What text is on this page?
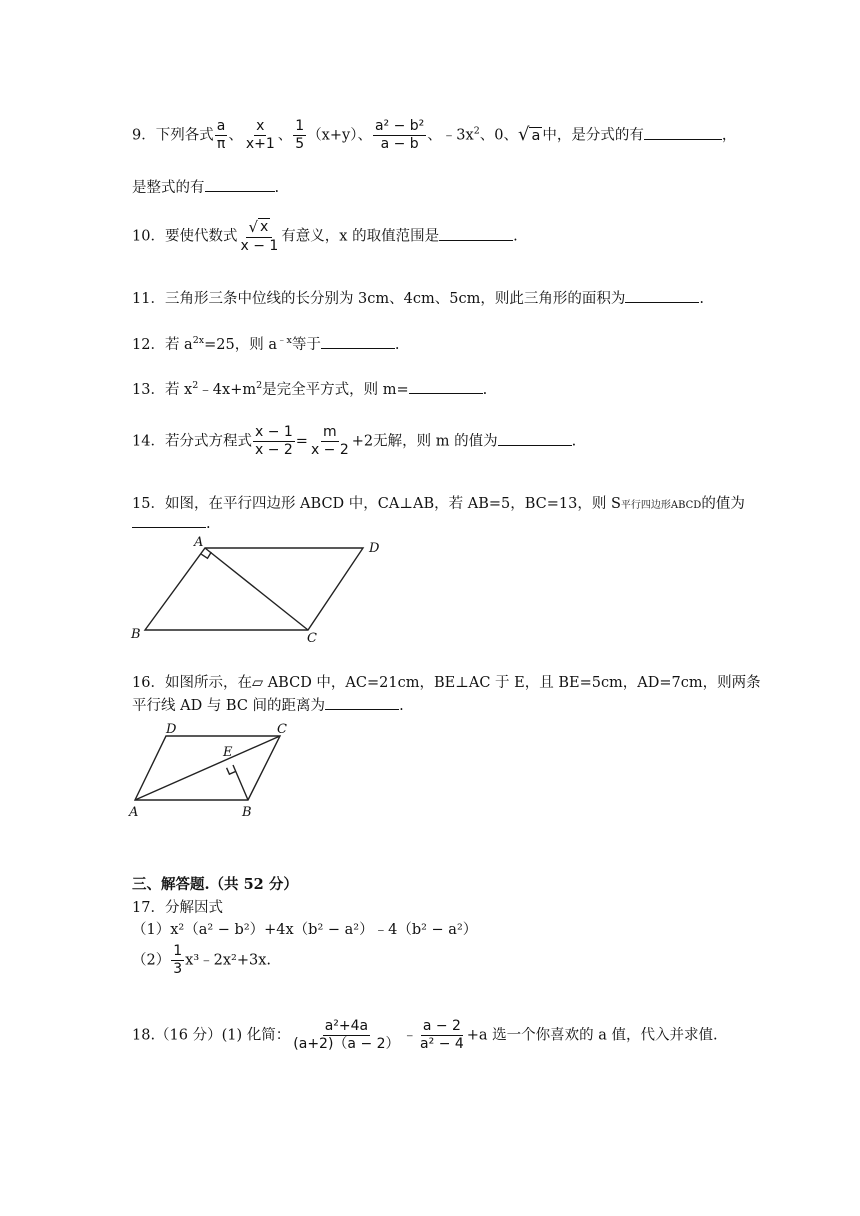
9．下列各式 $\frac{a}{\pi}$ 、 $\frac{x}{x+1}$ 、 $\frac{1}{5} (x+y)$、 $\frac{\text{a² − b²}}{a - b}$ 、$﹣3x^2$、0、 √ a 中，是分式的有	，
是整式的有	.
10．要使代数式 $\frac{√ x}{x - 1}$ 有意义，x 的取值范围是	.
11．三角形三条中位线的长分别为 3cm、4cm、5cm，则此三角形的面积为	.
12．若 $a^{2x}=25$，则 $a^{﹣x}$等于	.
13．若 $x^2﹣4x+m^2$是完全平方式，则 m=	.
14．若分式方程式 $\frac{x - 1}{x - 2} = \frac{m}{x - 2} +2$无解，则 m 的值为	.
15．如图，在平行四边形 ABCD 中，CA⊥AB，若 AB=5，BC=13，则 S平行四边形ABCD的值为
.
A	D
B	C
16．如图所示，在▱ ABCD 中，AC=21cm，BE⊥AC 于 E，且 BE=5cm，AD=7cm，则两条
平行线 AD 与 BC 间的距离为	.
D	C
E
A	B
三、解答题.（共 52 分）
17．分解因式
（1）x²（a² − b²）+4x（b² − a²）﹣4（b² − a²）
$(2) \frac{1}{3}$ x³﹣2x²+3x.
18.（16 分）(1) 化简： $\frac{\text{a²+4a}}{(a+2)(a - 2)}$ ﹣ $\frac{a - 2}{\text{a² − 4}} +a$ 选一个你喜欢的 a 值，代入并求值.
